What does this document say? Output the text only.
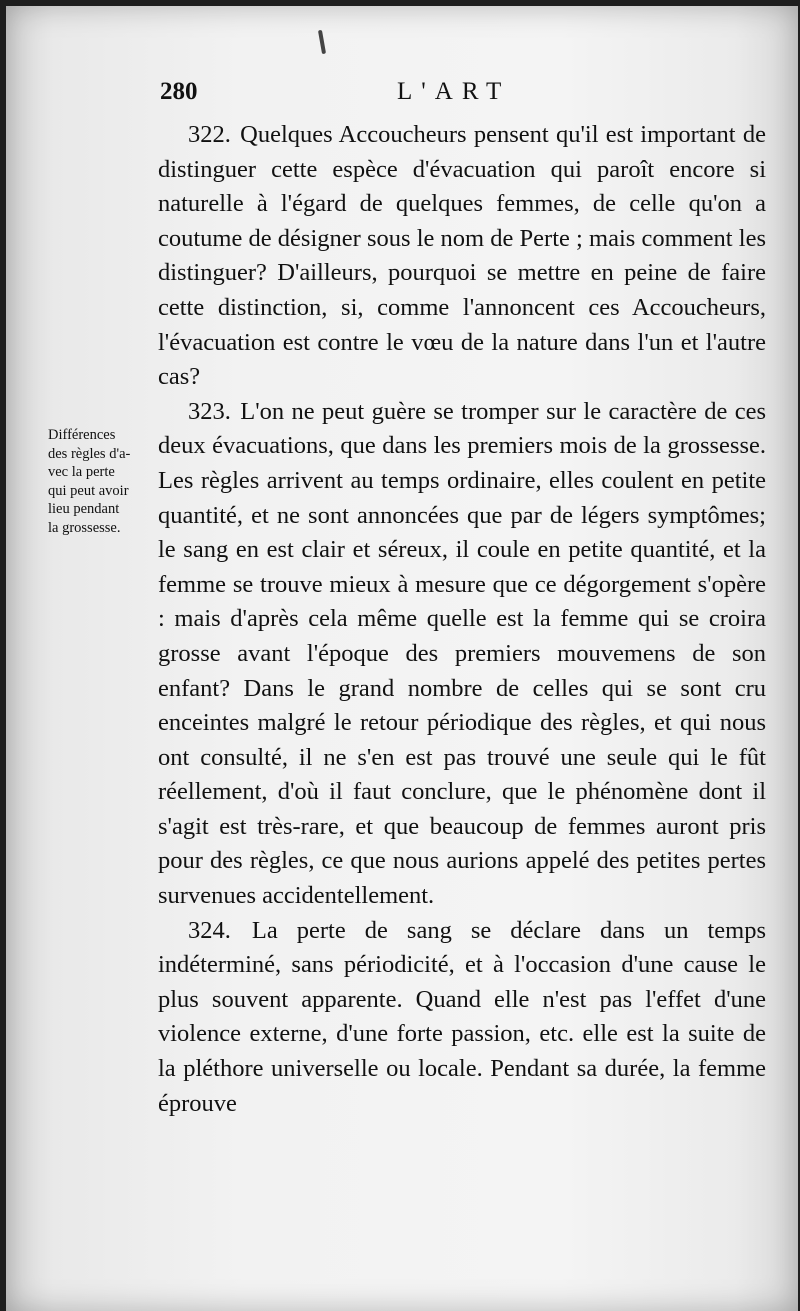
280	L'ART
Différences
des règles d'a-
vec la perte
qui peut avoir
lieu pendant
la grossesse.

322. Quelques Accoucheurs pensent qu'il est important de distinguer cette espèce d'évacuation qui paroît encore si naturelle à l'égard de quelques femmes, de celle qu'on a coutume de désigner sous le nom de Perte ; mais comment les distinguer? D'ailleurs, pourquoi se mettre en peine de faire cette distinction, si, comme l'annoncent ces Accoucheurs, l'évacuation est contre le vœu de la nature dans l'un et l'autre cas?

323. L'on ne peut guère se tromper sur le caractère de ces deux évacuations, que dans les premiers mois de la grossesse. Les règles arrivent au temps ordinaire, elles coulent en petite quantité, et ne sont annoncées que par de légers symptômes; le sang en est clair et séreux, il coule en petite quantité, et la femme se trouve mieux à mesure que ce dégorgement s'opère : mais d'après cela même quelle est la femme qui se croira grosse avant l'époque des premiers mouvemens de son enfant? Dans le grand nombre de celles qui se sont cru enceintes malgré le retour périodique des règles, et qui nous ont consulté, il ne s'en est pas trouvé une seule qui le fût réellement, d'où il faut conclure, que le phénomène dont il s'agit est très-rare, et que beaucoup de femmes auront pris pour des règles, ce que nous aurions appelé des petites pertes survenues accidentellement.

324. La perte de sang se déclare dans un temps indéterminé, sans périodicité, et à l'occasion d'une cause le plus souvent apparente. Quand elle n'est pas l'effet d'une violence externe, d'une forte passion, etc. elle est la suite de la pléthore universelle ou locale. Pendant sa durée, la femme éprouve
